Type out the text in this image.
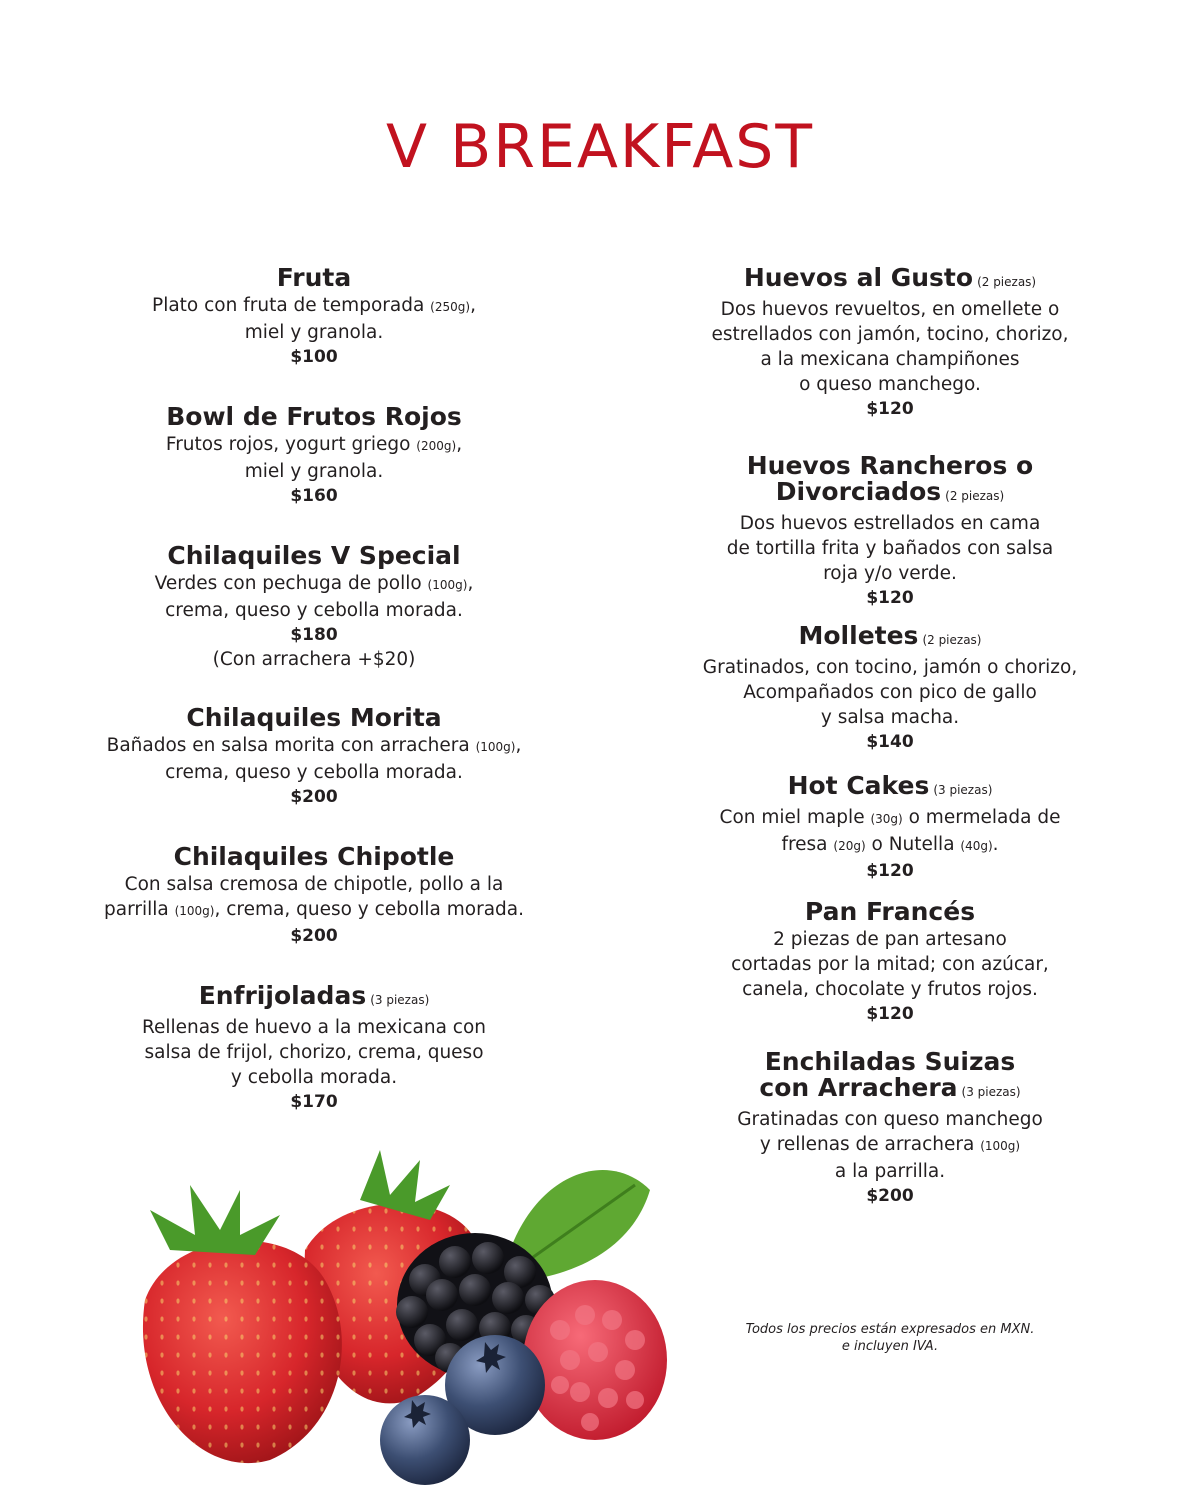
V BREAKFAST
Fruta
Plato con fruta de temporada (250g),
miel y granola.
$100
Bowl de Frutos Rojos
Frutos rojos, yogurt griego (200g),
miel y granola.
$160
Chilaquiles V Special
Verdes con pechuga de pollo (100g),
crema, queso y cebolla morada.
$180
(Con arrachera +$20)
Chilaquiles Morita
Bañados en salsa morita con arrachera (100g),
crema, queso y cebolla morada.
$200
Chilaquiles Chipotle
Con salsa cremosa de chipotle, pollo a la
parrilla (100g), crema, queso y cebolla morada.
$200
Enfrijoladas (3 piezas)
Rellenas de huevo a la mexicana con
salsa de frijol, chorizo, crema, queso
y cebolla morada.
$170
Huevos al Gusto (2 piezas)
Dos huevos revueltos, en omellete o
estrellados con jamón, tocino, chorizo,
a la mexicana champiñones
o queso manchego.
$120
Huevos Rancheros o
Divorciados (2 piezas)
Dos huevos estrellados en cama
de tortilla frita y bañados con salsa
roja y/o verde.
$120
Molletes (2 piezas)
Gratinados, con tocino, jamón o chorizo,
Acompañados con pico de gallo
y salsa macha.
$140
Hot Cakes (3 piezas)
Con miel maple (30g) o mermelada de
fresa (20g) o Nutella (40g).
$120
Pan Francés
2 piezas de pan artesano
cortadas por la mitad; con azúcar,
canela, chocolate y frutos rojos.
$120
Enchiladas Suizas
con Arrachera (3 piezas)
Gratinadas con queso manchego
y rellenas de arrachera (100g)
a la parrilla.
$200
Todos los precios están expresados en MXN.
e incluyen IVA.
